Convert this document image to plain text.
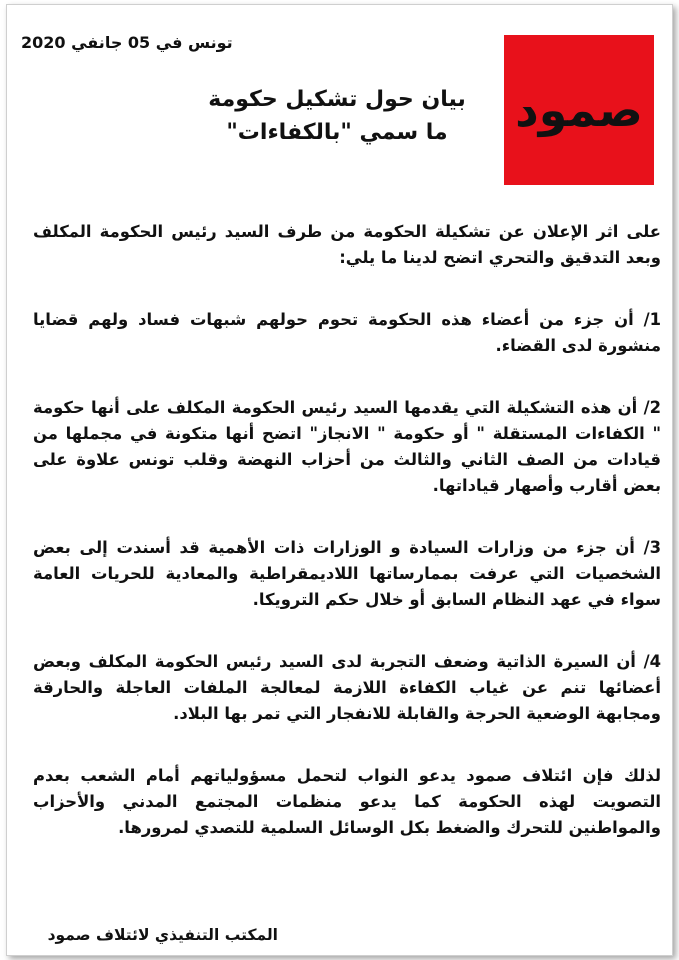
صمود
تونس في 05 جانفي 2020
بيان حول تشكيل حكومة
ما سمي "بالكفاءات"

على اثر الإعلان عن تشكيلة الحكومة من طرف السيد رئيس الحكومة المكلف وبعد التدقيق والتحري اتضح لدينا ما يلي:

1/ أن جزء من أعضاء هذه الحكومة تحوم حولهم شبهات فساد ولهم قضايا منشورة لدى القضاء.

2/ أن هذه التشكيلة التي يقدمها السيد رئيس الحكومة المكلف على أنها حكومة " الكفاءات المستقلة " أو حكومة " الانجاز" اتضح أنها متكونة في مجملها من قيادات من الصف الثاني والثالث من أحزاب النهضة وقلب تونس علاوة على بعض أقارب وأصهار قياداتها.

3/ أن جزء من وزارات السيادة و الوزارات ذات الأهمية قد أسندت إلى بعض الشخصيات التي عرفت بممارساتها اللاديمقراطية والمعادية للحريات العامة سواء في عهد النظام السابق أو خلال حكم الترويكا.

4/ أن السيرة الذاتية وضعف التجربة لدى السيد رئيس الحكومة المكلف وبعض أعضائها تنم عن غياب الكفاءة اللازمة لمعالجة الملفات العاجلة والحارقة ومجابهة الوضعية الحرجة والقابلة للانفجار التي تمر بها البلاد.

لذلك فإن ائتلاف صمود يدعو النواب لتحمل مسؤولياتهم أمام الشعب بعدم التصويت لهذه الحكومة كما يدعو منظمات المجتمع المدني والأحزاب والمواطنين للتحرك والضغط بكل الوسائل السلمية للتصدي لمرورها.

المكتب التنفيذي لائتلاف صمود
